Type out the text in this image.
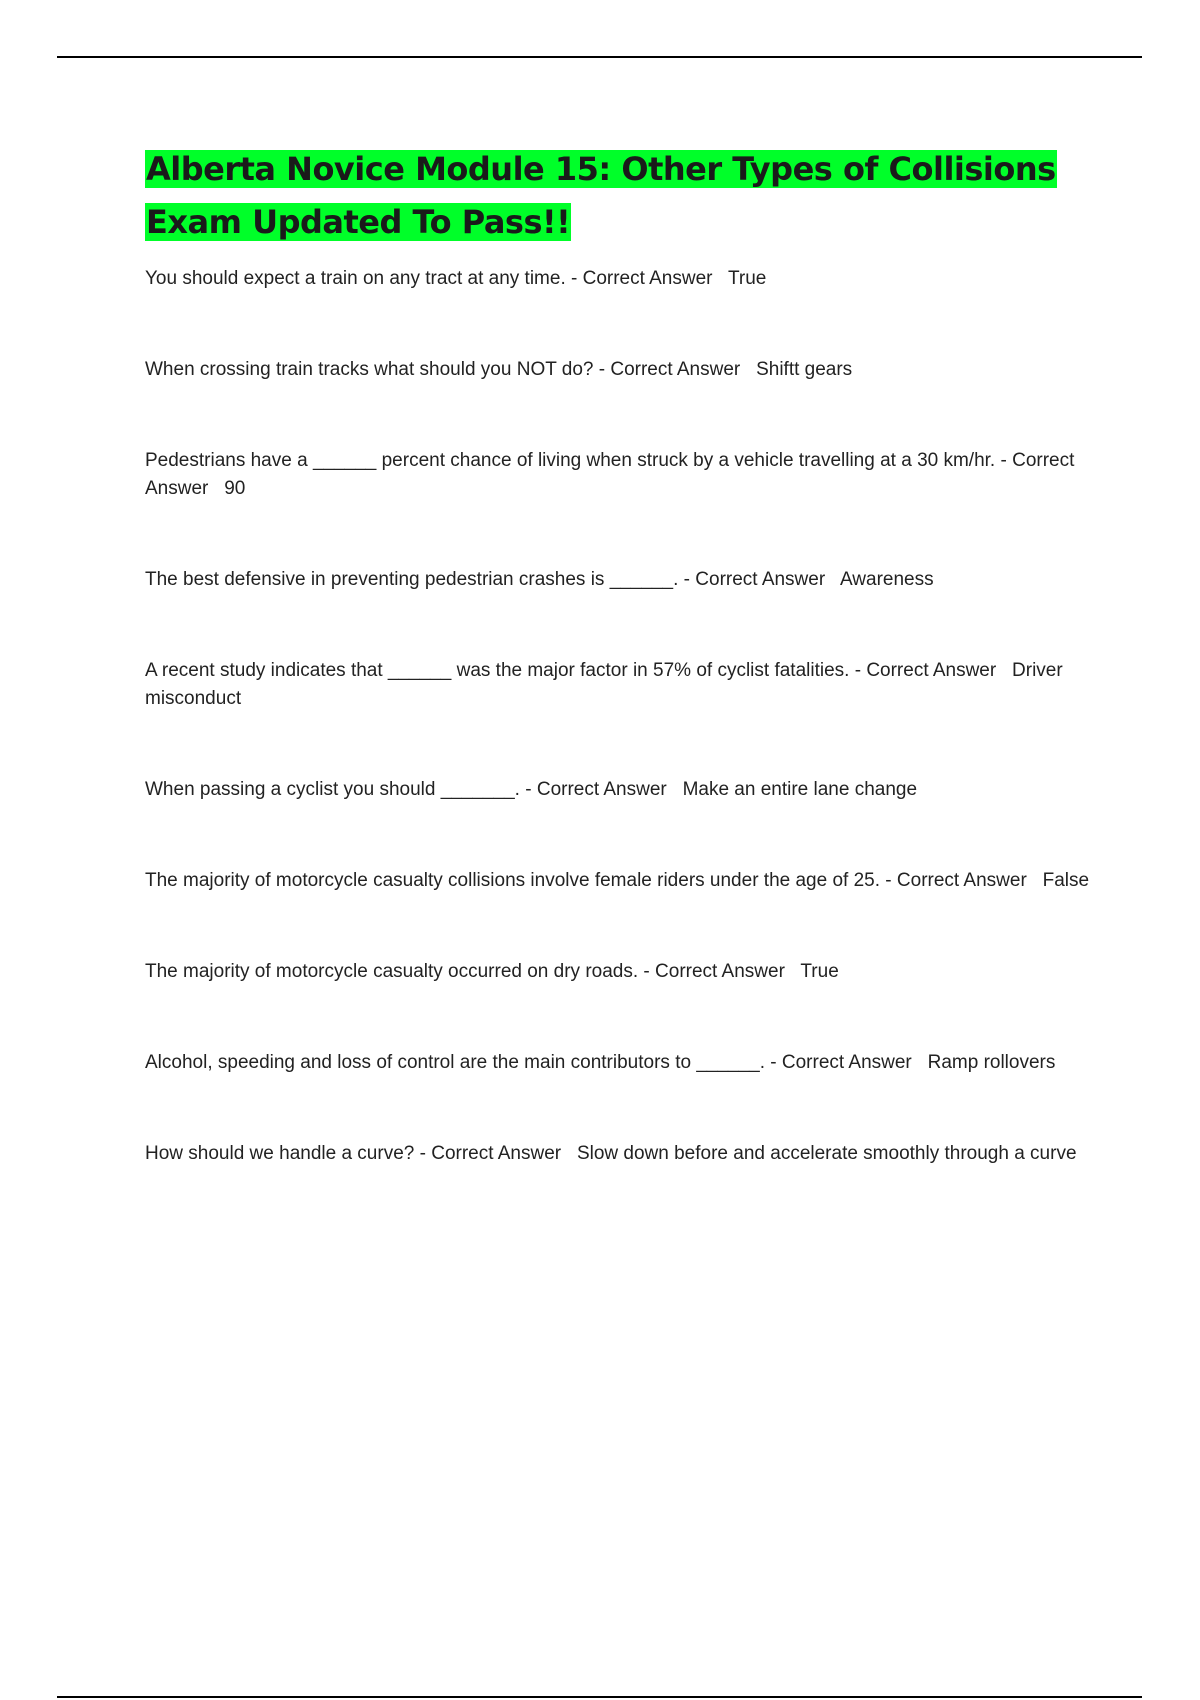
Alberta Novice Module 15: Other Types of Collisions Exam Updated To Pass!!
You should expect a train on any tract at any time. - Correct Answer True
When crossing train tracks what should you NOT do? - Correct Answer Shiftt gears
Pedestrians have a ______ percent chance of living when struck by a vehicle travelling at a 30 km/hr. - Correct Answer 90
The best defensive in preventing pedestrian crashes is ______. - Correct Answer Awareness
A recent study indicates that ______ was the major factor in 57% of cyclist fatalities. - Correct Answer Driver misconduct
When passing a cyclist you should _______. - Correct Answer Make an entire lane change
The majority of motorcycle casualty collisions involve female riders under the age of 25. - Correct Answer False
The majority of motorcycle casualty occurred on dry roads. - Correct Answer True
Alcohol, speeding and loss of control are the main contributors to ______. - Correct Answer Ramp rollovers
How should we handle a curve? - Correct Answer Slow down before and accelerate smoothly through a curve
